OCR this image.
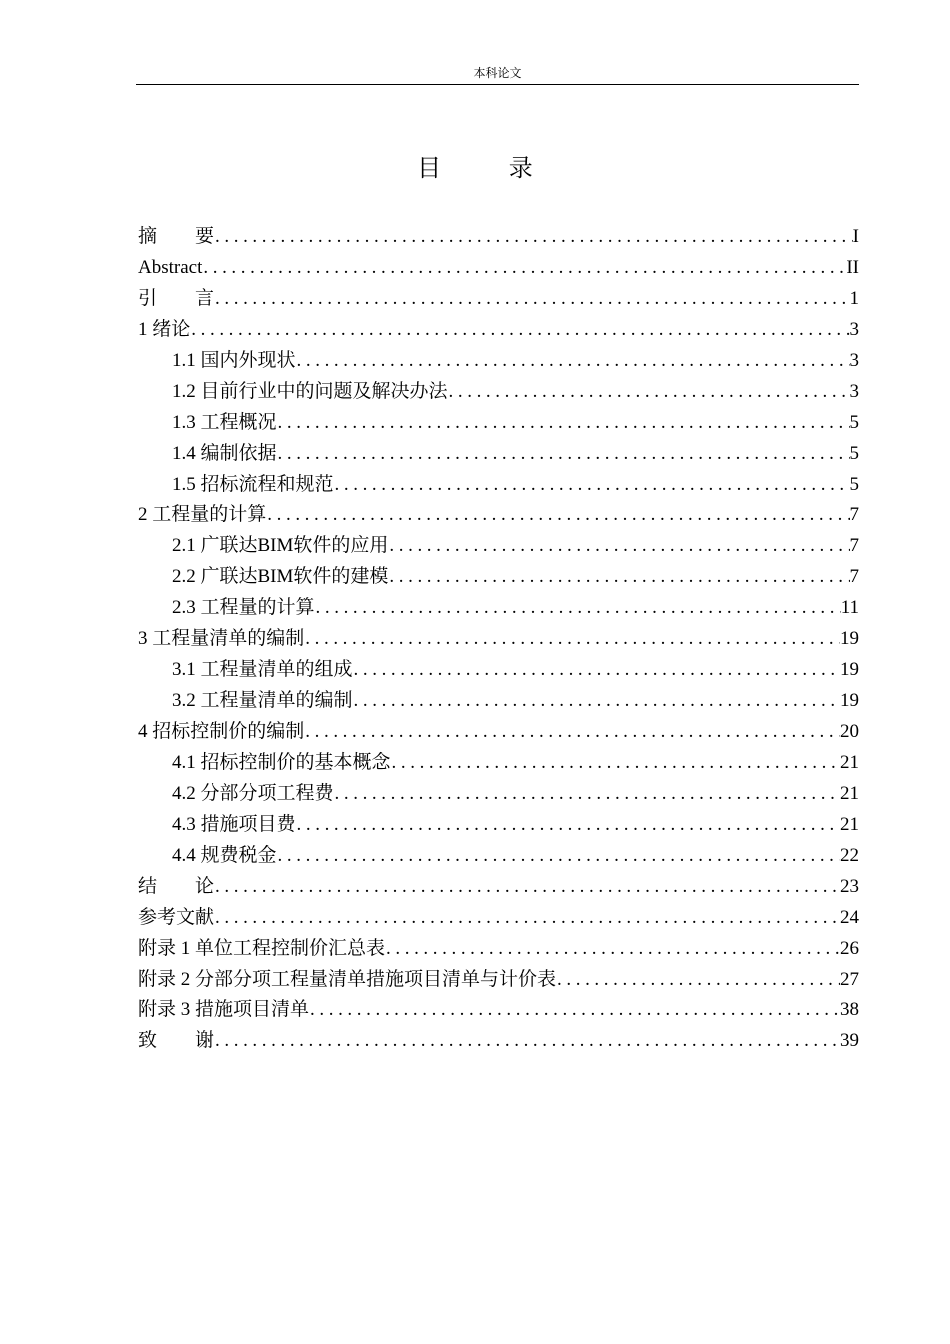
本科论文
目 录
摘 要 .....	I
Abstract .....	II
引 言 .....	1
1 绪论 .....	3
1.1 国内外现状 .....	3
1.2 目前行业中的问题及解决办法 .....	3
1.3 工程概况 .....	5
1.4 编制依据 .....	5
1.5 招标流程和规范 .....	5
2 工程量的计算 .....	7
2.1 广联达BIM软件的应用 .....	7
2.2 广联达BIM软件的建模 .....	7
2.3 工程量的计算 .....	11
3 工程量清单的编制 .....	19
3.1 工程量清单的组成 .....	19
3.2 工程量清单的编制 .....	19
4 招标控制价的编制 .....	20
4.1 招标控制价的基本概念 .....	21
4.2 分部分项工程费 .....	21
4.3 措施项目费 .....	21
4.4 规费税金 .....	22
结 论 .....	23
参考文献 .....	24
附录 1 单位工程控制价汇总表 .....	26
附录 2 分部分项工程量清单措施项目清单与计价表 .....	27
附录 3 措施项目清单 .....	38
致 谢 .....	39
